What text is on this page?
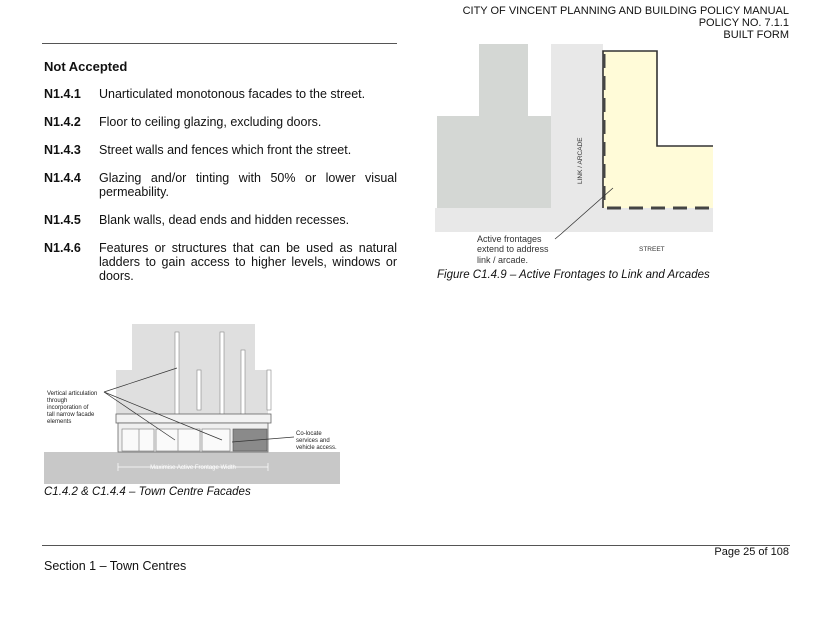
CITY OF VINCENT PLANNING AND BUILDING POLICY MANUAL
POLICY NO. 7.1.1
BUILT FORM
Not Accepted
N1.4.1 Unarticulated monotonous facades to the street.
N1.4.2 Floor to ceiling glazing, excluding doors.
N1.4.3 Street walls and fences which front the street.
N1.4.4 Glazing and/or tinting with 50% or lower visual permeability.
N1.4.5 Blank walls, dead ends and hidden recesses.
N1.4.6 Features or structures that can be used as natural ladders to gain access to higher levels, windows or doors.
LINK / ARCADE
STREET
Active frontages
extend to address
link / arcade.
Figure C1.4.9 – Active Frontages to Link and Arcades
Maximise Active Frontage Width
Vertical articulation
through
incorporation of
tall narrow facade
elements
Co-locate
services and
vehicle access.
C1.4.2 & C1.4.4 – Town Centre Facades
Page 25 of 108
Section 1 – Town Centres
